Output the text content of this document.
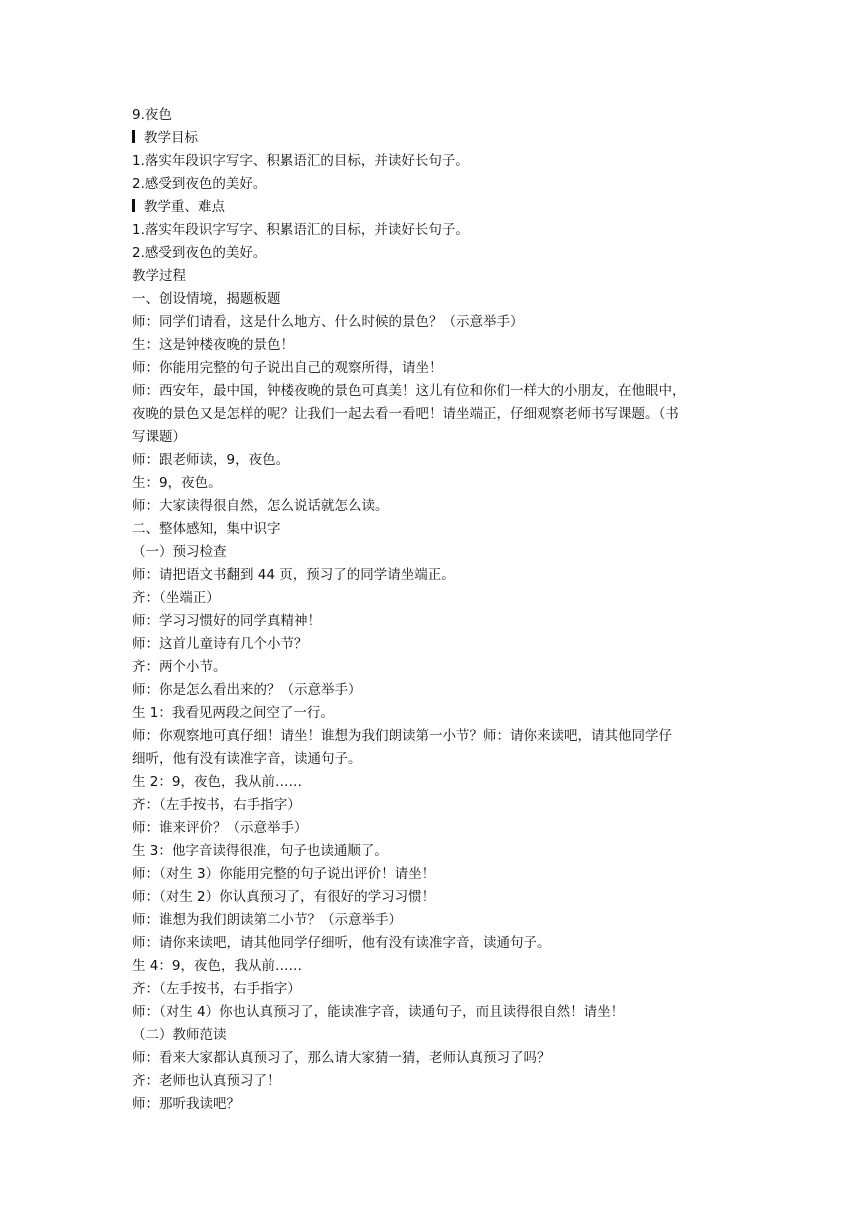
9.夜色
教学目标
1.落实年段识字写字、积累语汇的目标，并读好长句子。
2.感受到夜色的美好。
教学重、难点
1.落实年段识字写字、积累语汇的目标，并读好长句子。
2.感受到夜色的美好。
教学过程
一、创设情境，揭题板题
师：同学们请看，这是什么地方、什么时候的景色？（示意举手）
生：这是钟楼夜晚的景色！
师：你能用完整的句子说出自己的观察所得，请坐！
师：西安年，最中国，钟楼夜晚的景色可真美！这儿有位和你们一样大的小朋友，在他眼中，
夜晚的景色又是怎样的呢？让我们一起去看一看吧！请坐端正，仔细观察老师书写课题。（书
写课题）
师：跟老师读，9，夜色。
生：9，夜色。
师：大家读得很自然，怎么说话就怎么读。
二、整体感知，集中识字
（一）预习检查
师：请把语文书翻到 44 页，预习了的同学请坐端正。
齐：（坐端正）
师：学习习惯好的同学真精神！
师：这首儿童诗有几个小节？
齐：两个小节。
师：你是怎么看出来的？（示意举手）
生 1：我看见两段之间空了一行。
师：你观察地可真仔细！请坐！谁想为我们朗读第一小节？师：请你来读吧，请其他同学仔
细听，他有没有读准字音，读通句子。
生 2：9，夜色，我从前……
齐：（左手按书，右手指字）
师：谁来评价？（示意举手）
生 3：他字音读得很准，句子也读通顺了。
师：（对生 3）你能用完整的句子说出评价！请坐！
师：（对生 2）你认真预习了，有很好的学习习惯！
师：谁想为我们朗读第二小节？（示意举手）
师：请你来读吧，请其他同学仔细听，他有没有读准字音，读通句子。
生 4：9，夜色，我从前……
齐：（左手按书，右手指字）
师：（对生 4）你也认真预习了，能读准字音，读通句子，而且读得很自然！请坐！
（二）教师范读
师：看来大家都认真预习了，那么请大家猜一猜，老师认真预习了吗？
齐：老师也认真预习了！
师：那听我读吧？
